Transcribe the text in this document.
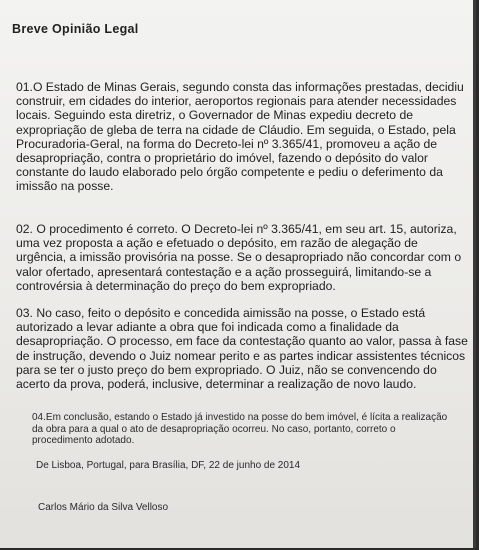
Breve Opinião Legal
01.O Estado de Minas Gerais, segundo consta das informações prestadas, decidiu construir, em cidades do interior, aeroportos regionais para atender necessidades locais. Seguindo esta diretriz, o Governador de Minas expediu decreto de expropriação de gleba de terra na cidade de Cláudio. Em seguida, o Estado, pela Procuradoria-Geral, na forma do Decreto-lei nº 3.365/41, promoveu a ação de desapropriação, contra o proprietário do imóvel, fazendo o depósito do valor constante do laudo elaborado pelo órgão competente e pediu o deferimento da imissão na posse.
02. O procedimento é correto. O Decreto-lei nº 3.365/41, em seu art. 15, autoriza, uma vez proposta a ação e efetuado o depósito, em razão de alegação de urgência, a imissão provisória na posse. Se o desapropriado não concordar com o valor ofertado, apresentará contestação e a ação prosseguirá, limitando-se a controvérsia à determinação do preço do bem expropriado.
03. No caso, feito o depósito e concedida aimissão na posse, o Estado está autorizado a levar adiante a obra que foi indicada como a finalidade da desapropriação. O processo, em face da contestação quanto ao valor, passa à fase de instrução, devendo o Juiz nomear perito e as partes indicar assistentes técnicos para se ter o justo preço do bem expropriado. O Juiz, não se convencendo do acerto da prova, poderá, inclusive, determinar a realização de novo laudo.
04.Em conclusão, estando o Estado já investido na posse do bem imóvel, é lícita a realização da obra para a qual o ato de desapropriação ocorreu. No caso, portanto, correto o procedimento adotado.
De Lisboa, Portugal, para Brasília, DF, 22 de junho de 2014
Carlos Mário da Silva Velloso
